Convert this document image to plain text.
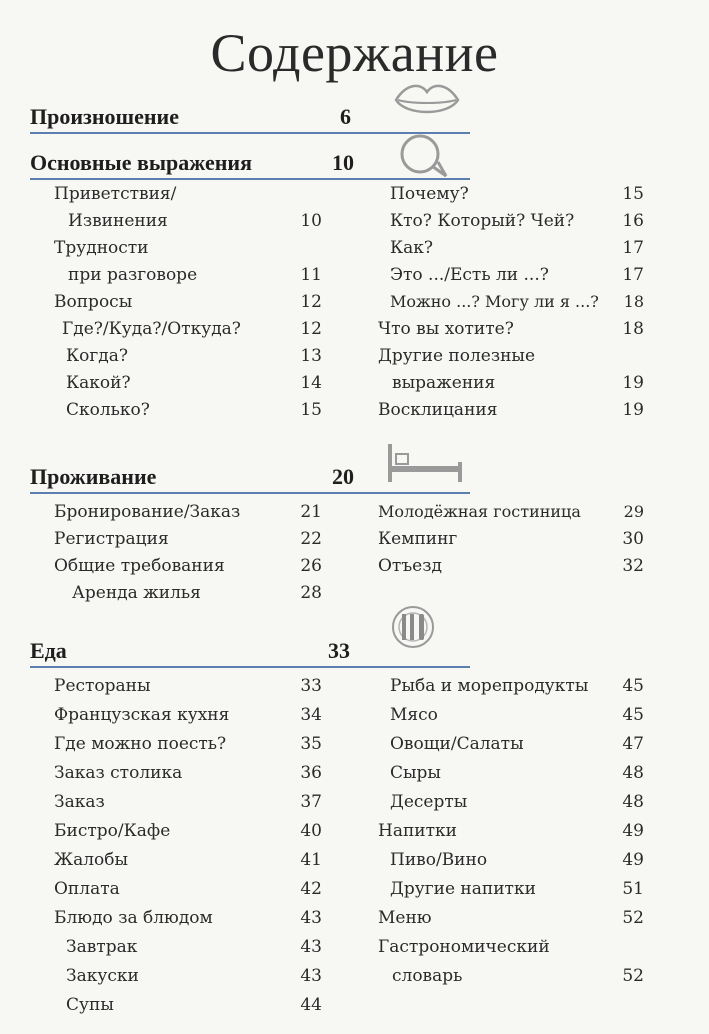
Содержание
Произношение	6
Основные выражения	10
Приветствия/
Извинения	10
Трудности
при разговоре	11
Вопросы	12
Где?/Куда?/Откуда?	12
Когда?	13
Какой?	14
Сколько?	15
Почему?	15
Кто? Который? Чей?	16
Как?	17
Это .../Есть ли ...?	17
Можно ...? Могу ли я ...? 18
Что вы хотите?	18
Другие полезные
выражения	19
Восклицания	19
Проживание	20
Бронирование/Заказ	21
Регистрация	22
Общие требования	26
Аренда жилья	28
Молодёжная гостиница	29
Кемпинг	30
Отъезд	32
Еда	33
Рестораны	33
Французская кухня	34
Где можно поесть?	35
Заказ столика	36
Заказ	37
Бистро/Кафе	40
Жалобы	41
Оплата	42
Блюдо за блюдом	43
Завтрак	43
Закуски	43
Супы	44
Рыба и морепродукты 45
Мясо	45
Овощи/Салаты	47
Сыры	48
Десерты	48
Напитки	49
Пиво/Вино	49
Другие напитки	51
Меню	52
Гастрономический
словарь	52
